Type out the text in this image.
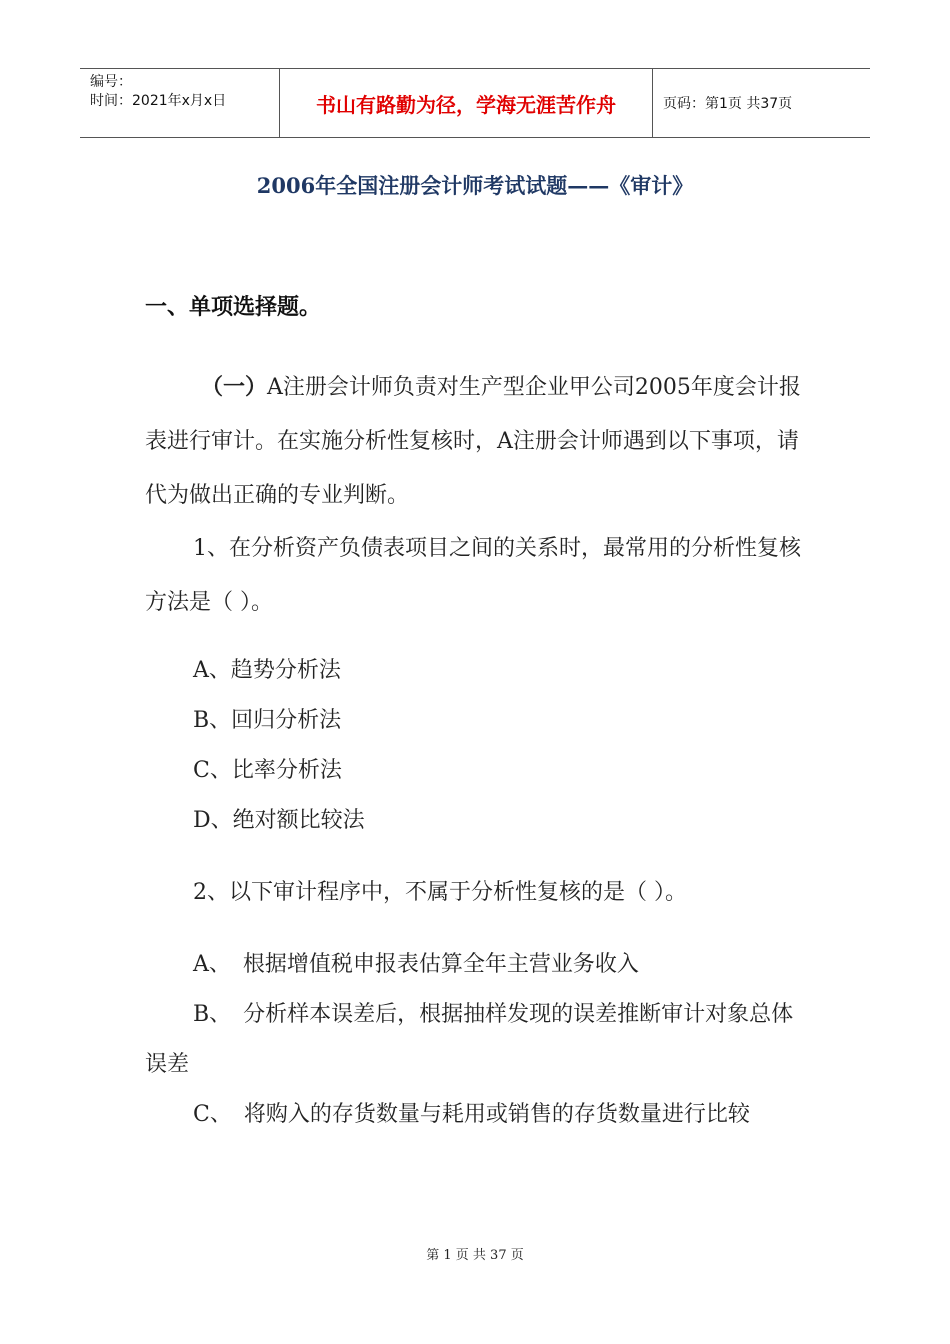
编号：
时间：2021年x月x日	书山有路勤为径，学海无涯苦作舟	页码：第1页 共37页
2006年全国注册会计师考试试题——《审计》
一、单项选择题。

（一）A注册会计师负责对生产型企业甲公司2005年度会计报表进行审计。在实施分析性复核时，A注册会计师遇到以下事项，请代为做出正确的专业判断。

1、在分析资产负债表项目之间的关系时，最常用的分析性复核方法是（ ）。

A、趋势分析法
B、回归分析法
C、比率分析法
D、绝对额比较法
2、以下审计程序中，不属于分析性复核的是（ ）。

A、 根据增值税申报表估算全年主营业务收入

B、 分析样本误差后，根据抽样发现的误差推断审计对象总体误差

C、 将购入的存货数量与耗用或销售的存货数量进行比较

第 1 页 共 37 页
